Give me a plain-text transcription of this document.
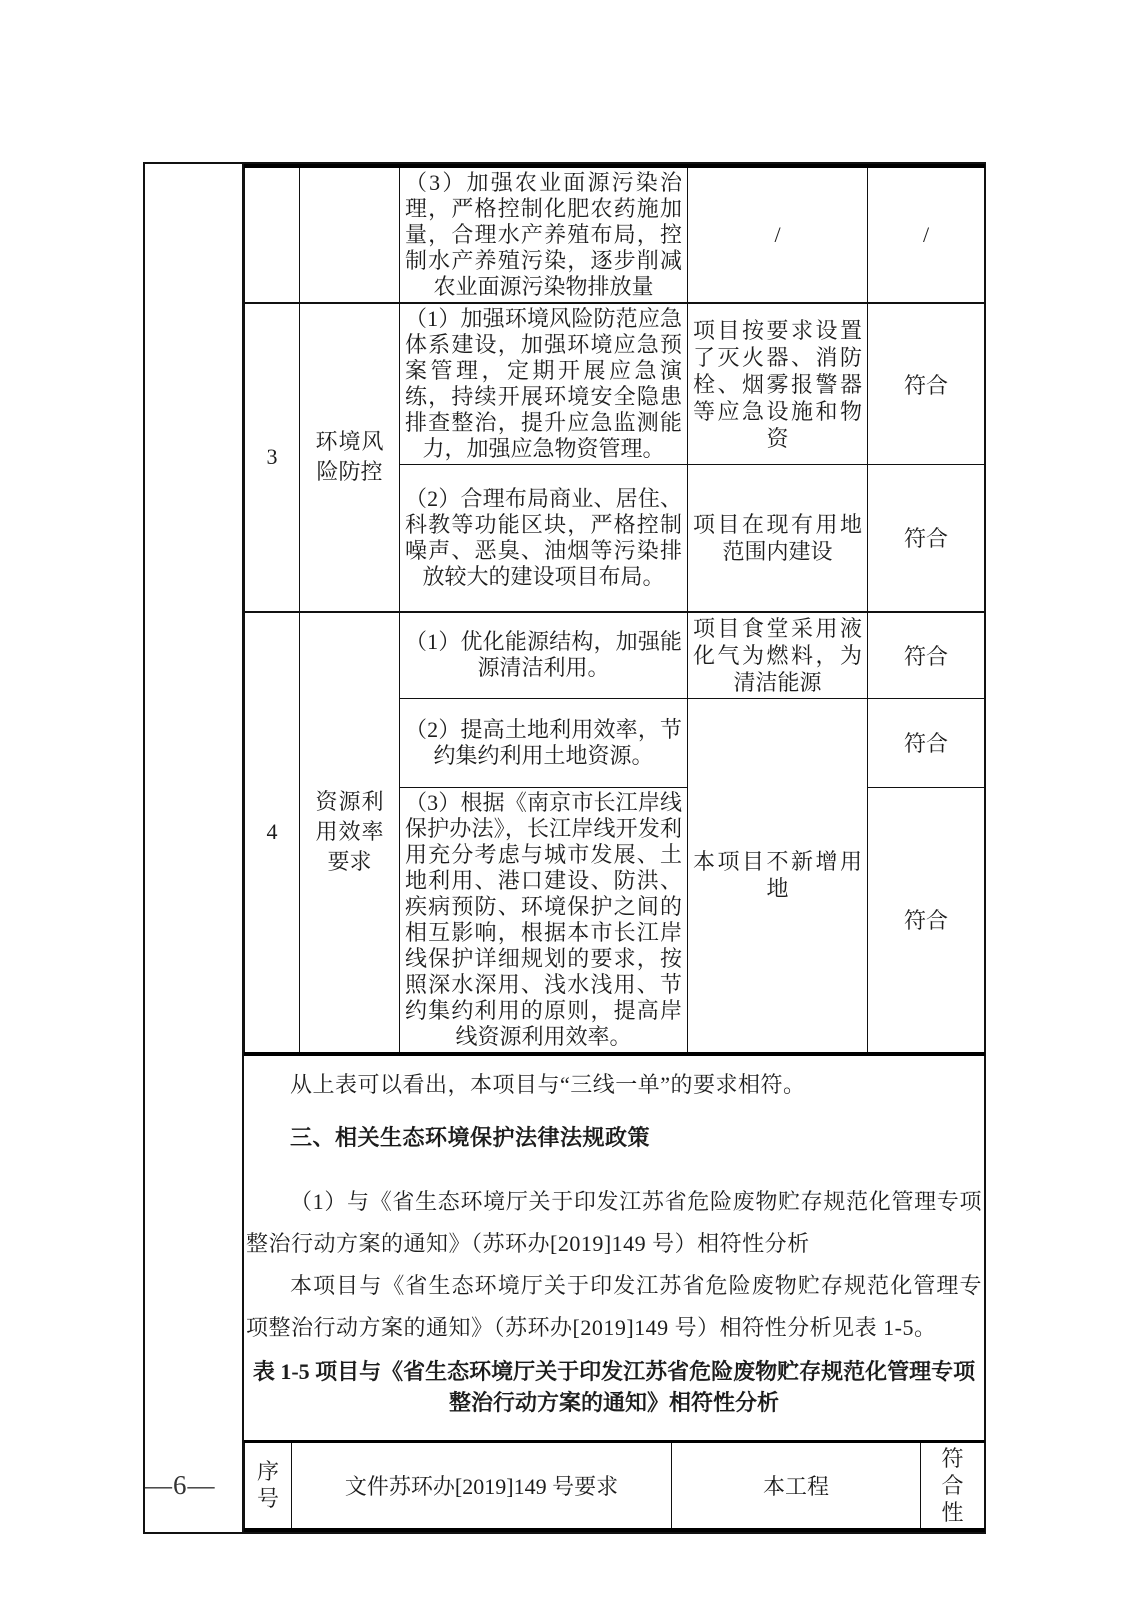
		（3）加强农业面源污染治理，严格控制化肥农药施加量，合理水产养殖布局，控制水产养殖污染，逐步削减农业面源污染物排放量	/	/
3	环境风险防控	（1）加强环境风险防范应急体系建设，加强环境应急预案管理，定期开展应急演练，持续开展环境安全隐患排查整治，提升应急监测能力，加强应急物资管理。	项目按要求设置了灭火器、消防栓、烟雾报警器等应急设施和物资	符合
		（2）合理布局商业、居住、科教等功能区块，严格控制噪声、恶臭、油烟等污染排放较大的建设项目布局。	项目在现有用地范围内建设	符合
4	资源利用效率要求	（1）优化能源结构，加强能源清洁利用。	项目食堂采用液化气为燃料，为清洁能源	符合
		（2）提高土地利用效率，节约集约利用土地资源。	本项目不新增用地	符合
		（3）根据《南京市长江岸线保护办法》，长江岸线开发利用充分考虑与城市发展、土地利用、港口建设、防洪、疾病预防、环境保护之间的相互影响，根据本市长江岸线保护详细规划的要求，按照深水深用、浅水浅用、节约集约利用的原则，提高岸线资源利用效率。		符合

从上表可以看出，本项目与“三线一单”的要求相符。

三、相关生态环境保护法律法规政策

（1）与《省生态环境厅关于印发江苏省危险废物贮存规范化管理专项整治行动方案的通知》（苏环办[2019]149 号）相符性分析

本项目与《省生态环境厅关于印发江苏省危险废物贮存规范化管理专项整治行动方案的通知》（苏环办[2019]149 号）相符性分析见表 1-5。

表 1-5 项目与《省生态环境厅关于印发江苏省危险废物贮存规范化管理专项整治行动方案的通知》相符性分析

序号	文件苏环办[2019]149 号要求	本工程	符合性
—6—
